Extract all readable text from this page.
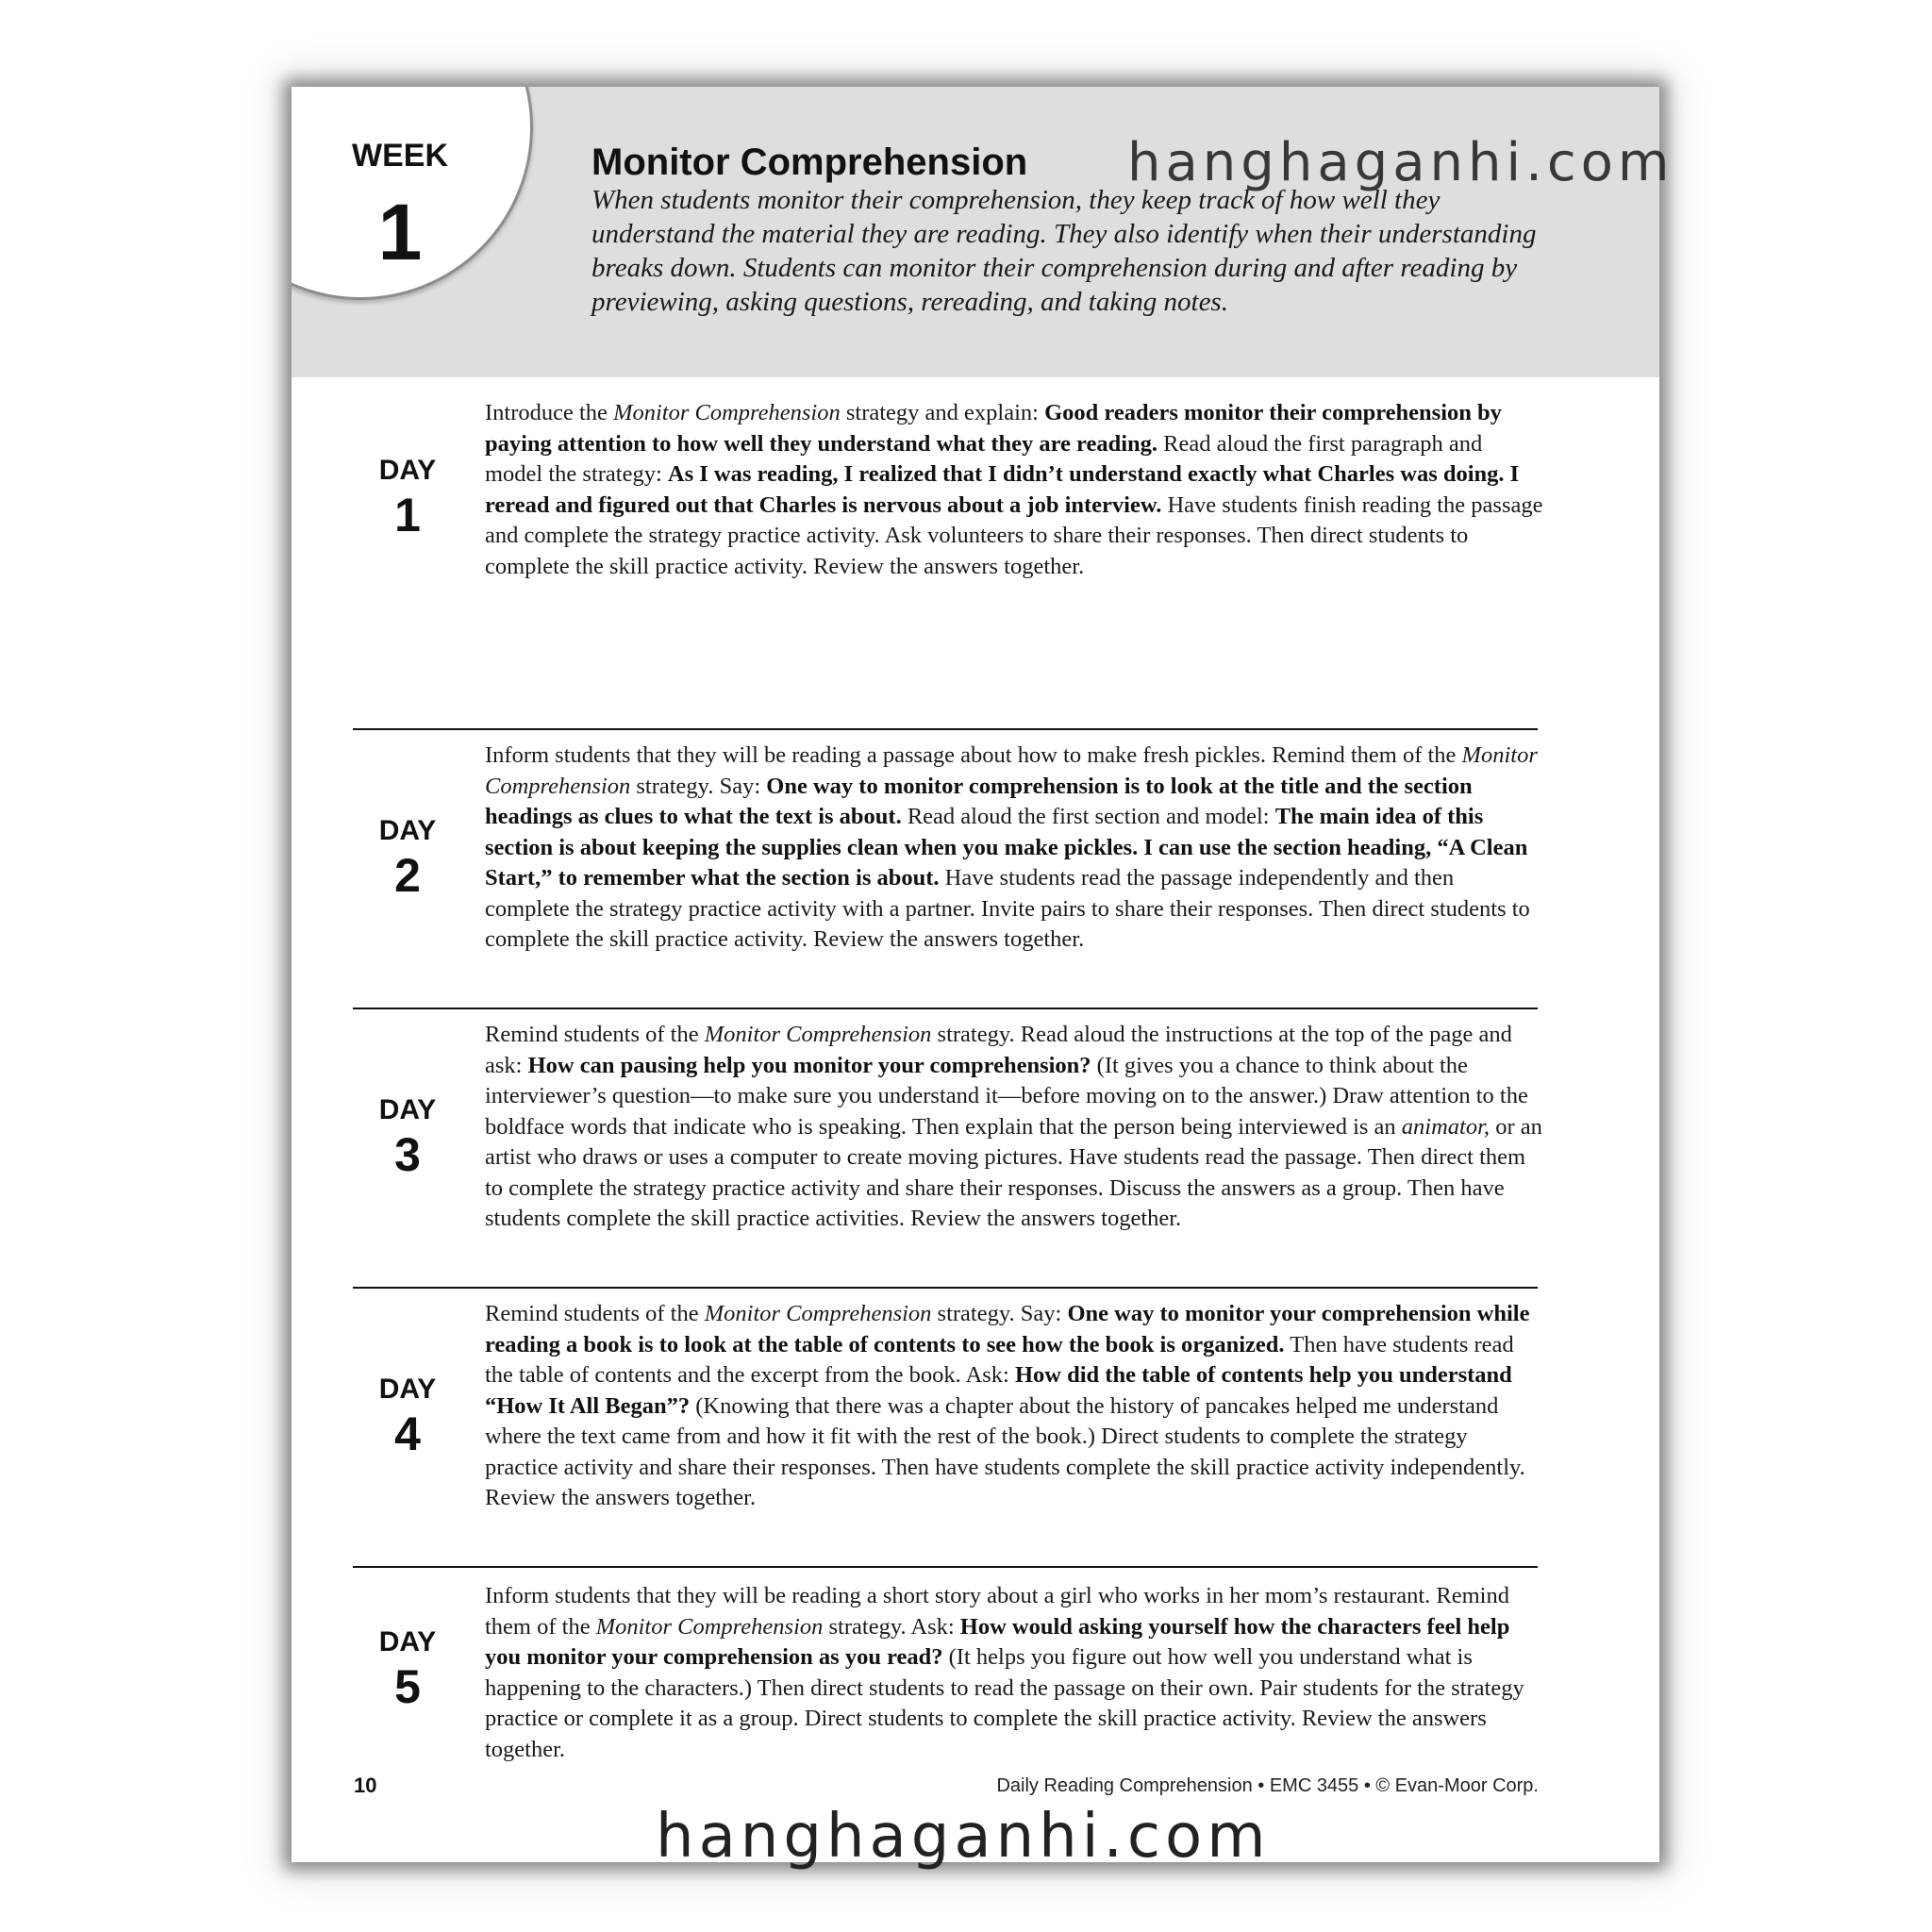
WEEK
1
Monitor Comprehension
When students monitor their comprehension, they keep track of how well they understand the material they are reading. They also identify when their understanding breaks down. Students can monitor their comprehension during and after reading by previewing, asking questions, rereading, and taking notes.
DAY
1
Introduce the Monitor Comprehension strategy and explain: Good readers monitor their comprehension by paying attention to how well they understand what they are reading. Read aloud the first paragraph and model the strategy: As I was reading, I realized that I didn’t understand exactly what Charles was doing. I reread and figured out that Charles is nervous about a job interview. Have students finish reading the passage and complete the strategy practice activity. Ask volunteers to share their responses. Then direct students to complete the skill practice activity. Review the answers together.
DAY
2
Inform students that they will be reading a passage about how to make fresh pickles. Remind them of the Monitor Comprehension strategy. Say: One way to monitor comprehension is to look at the title and the section headings as clues to what the text is about. Read aloud the first section and model: The main idea of this section is about keeping the supplies clean when you make pickles. I can use the section heading, “A Clean Start,” to remember what the section is about. Have students read the passage independently and then complete the strategy practice activity with a partner. Invite pairs to share their responses. Then direct students to complete the skill practice activity. Review the answers together.
DAY
3
Remind students of the Monitor Comprehension strategy. Read aloud the instructions at the top of the page and ask: How can pausing help you monitor your comprehension? (It gives you a chance to think about the interviewer’s question—to make sure you understand it—before moving on to the answer.) Draw attention to the boldface words that indicate who is speaking. Then explain that the person being interviewed is an animator, or an artist who draws or uses a computer to create moving pictures. Have students read the passage. Then direct them to complete the strategy practice activity and share their responses. Discuss the answers as a group. Then have students complete the skill practice activities. Review the answers together.
DAY
4
Remind students of the Monitor Comprehension strategy. Say: One way to monitor your comprehension while reading a book is to look at the table of contents to see how the book is organized. Then have students read the table of contents and the excerpt from the book. Ask: How did the table of contents help you understand “How It All Began”? (Knowing that there was a chapter about the history of pancakes helped me understand where the text came from and how it fit with the rest of the book.) Direct students to complete the strategy practice activity and share their responses. Then have students complete the skill practice activity independently. Review the answers together.
DAY
5
Inform students that they will be reading a short story about a girl who works in her mom’s restaurant. Remind them of the Monitor Comprehension strategy. Ask: How would asking yourself how the characters feel help you monitor your comprehension as you read? (It helps you figure out how well you understand what is happening to the characters.) Then direct students to read the passage on their own. Pair students for the strategy practice or complete it as a group. Direct students to complete the skill practice activity. Review the answers together.
10	Daily Reading Comprehension • EMC 3455 • © Evan-Moor Corp.
hanghaganhi.com
hanghaganhi.com
